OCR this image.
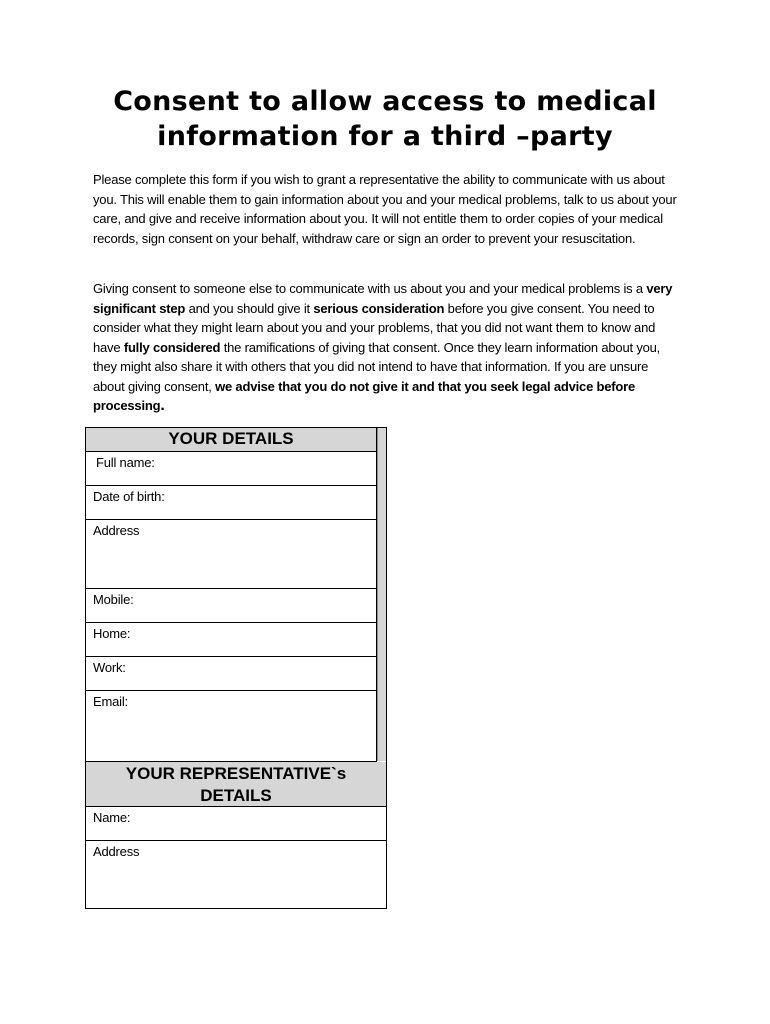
Consent to allow access to medical
information for a third –party
Please complete this form if you wish to grant a representative the ability to communicate with us about you. This will enable them to gain information about you and your medical problems, talk to us about your care, and give and receive information about you. It will not entitle them to order copies of your medical records, sign consent on your behalf, withdraw care or sign an order to prevent your resuscitation.
Giving consent to someone else to communicate with us about you and your medical problems is a very significant step and you should give it serious consideration before you give consent. You need to consider what they might learn about you and your problems, that you did not want them to know and have fully considered the ramifications of giving that consent. Once they learn information about you, they might also share it with others that you did not intend to have that information. If you are unsure about giving consent, we advise that you do not give it and that you seek legal advice before processing.
YOUR DETAILS
Full name:
Date of birth:
Address
Mobile:
Home:
Work:
Email:
YOUR REPRESENTATIVE`s
DETAILS
Name:
Address
